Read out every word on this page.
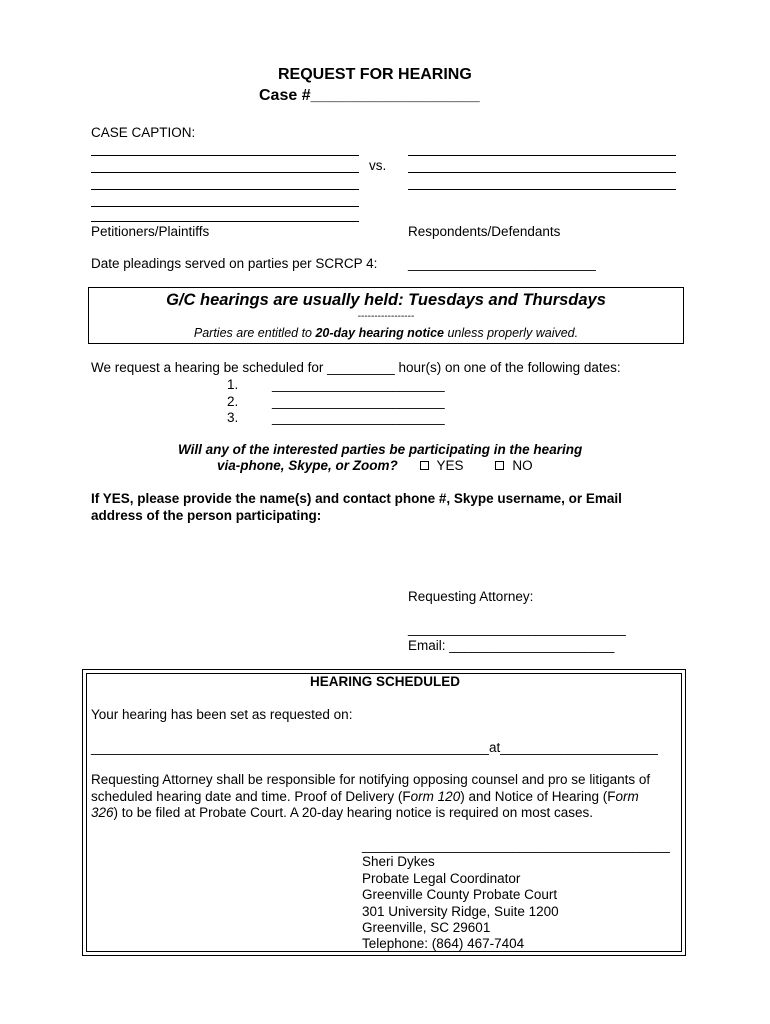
REQUEST FOR HEARING
Case #___________________
CASE CAPTION:
vs.
Petitioners/Plaintiffs	Respondents/Defendants
Date pleadings served on parties per SCRCP 4: _________________________
G/C hearings are usually held: Tuesdays and Thursdays
-----------------
Parties are entitled to 20-day hearing notice unless properly waived.
We request a hearing be scheduled for _________ hour(s) on one of the following dates:
1. _______________________
2. _______________________
3. _______________________
Will any of the interested parties be participating in the hearing
via-phone, Skype, or Zoom?	YES	NO
If YES, please provide the name(s) and contact phone #, Skype username, or Email
address of the person participating:
Requesting Attorney:
_____________________________
Email: ______________________
HEARING SCHEDULED
Your hearing has been set as requested on:
_____________________________________________________at_____________________
Requesting Attorney shall be responsible for notifying opposing counsel and pro se litigants of
scheduled hearing date and time. Proof of Delivery (Form 120) and Notice of Hearing (Form
326) to be filed at Probate Court. A 20-day hearing notice is required on most cases.
_________________________________________
Sheri Dykes
Probate Legal Coordinator
Greenville County Probate Court
301 University Ridge, Suite 1200
Greenville, SC 29601
Telephone: (864) 467-7404
